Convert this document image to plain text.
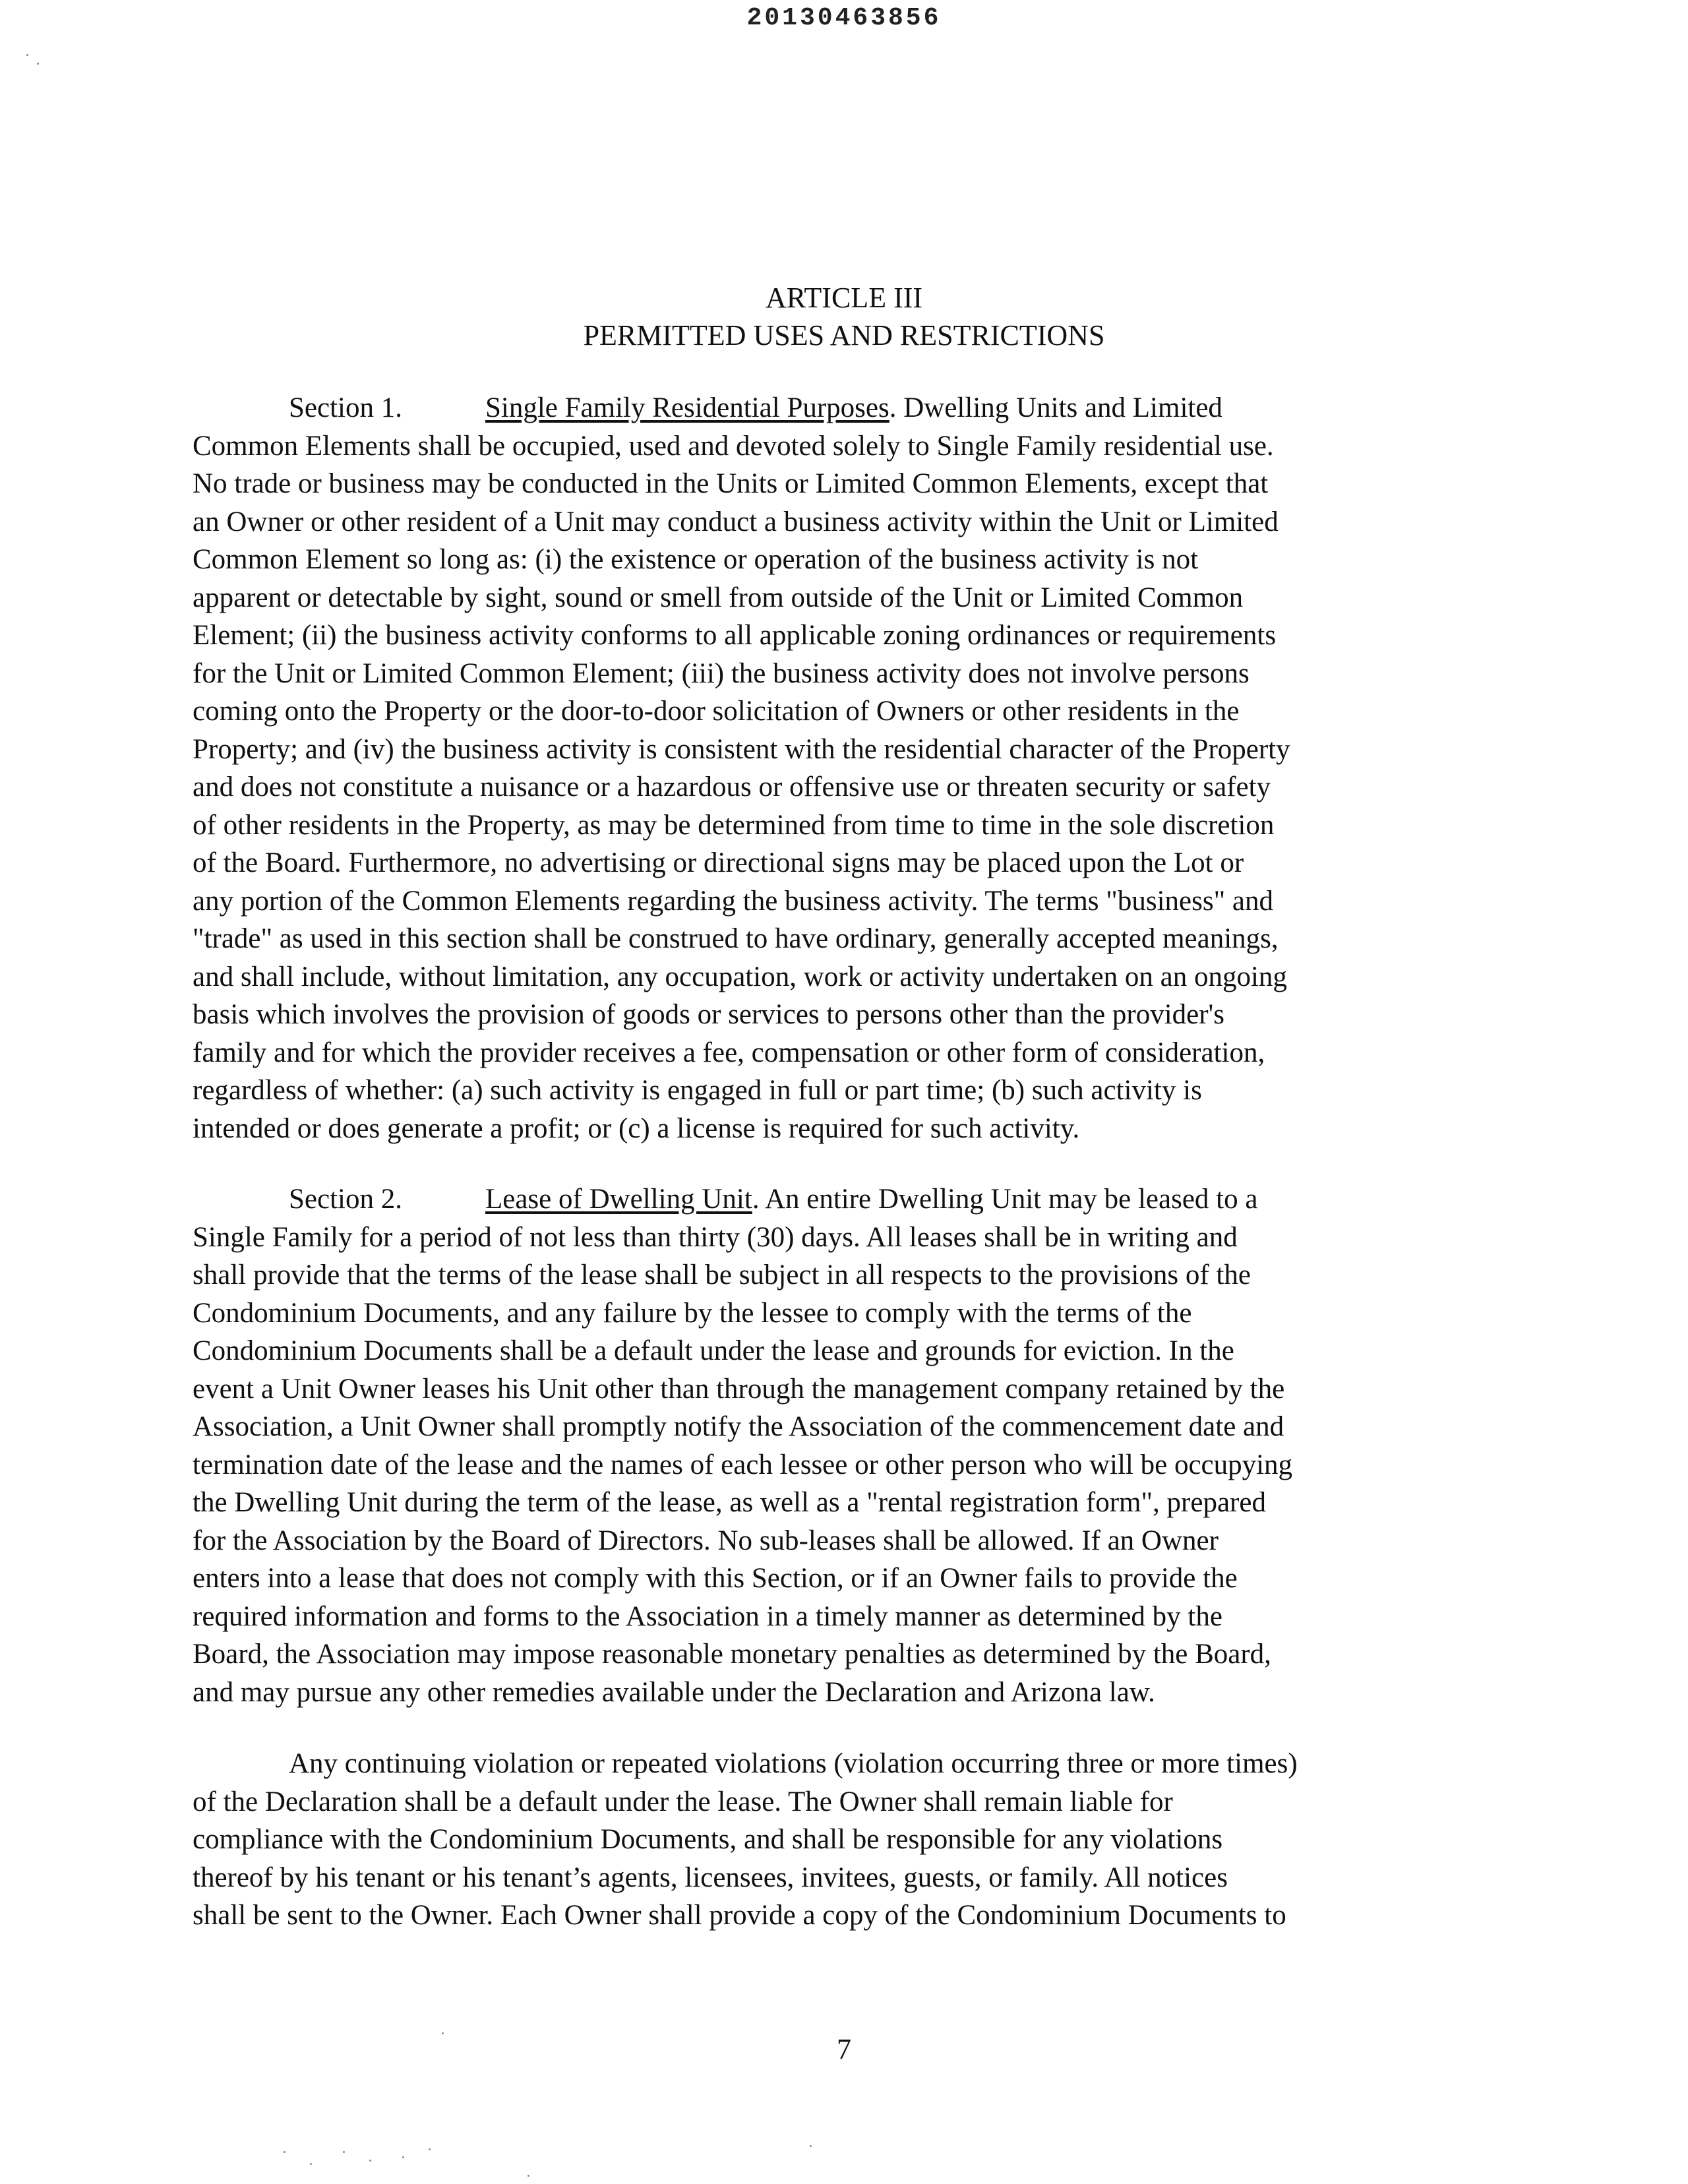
20130463856
ARTICLE III
PERMITTED USES AND RESTRICTIONS
Section 1.	Single Family Residential Purposes. Dwelling Units and Limited
Common Elements shall be occupied, used and devoted solely to Single Family residential use.
No trade or business may be conducted in the Units or Limited Common Elements, except that
an Owner or other resident of a Unit may conduct a business activity within the Unit or Limited
Common Element so long as: (i) the existence or operation of the business activity is not
apparent or detectable by sight, sound or smell from outside of the Unit or Limited Common
Element; (ii) the business activity conforms to all applicable zoning ordinances or requirements
for the Unit or Limited Common Element; (iii) the business activity does not involve persons
coming onto the Property or the door-to-door solicitation of Owners or other residents in the
Property; and (iv) the business activity is consistent with the residential character of the Property
and does not constitute a nuisance or a hazardous or offensive use or threaten security or safety
of other residents in the Property, as may be determined from time to time in the sole discretion
of the Board. Furthermore, no advertising or directional signs may be placed upon the Lot or
any portion of the Common Elements regarding the business activity. The terms "business" and
"trade" as used in this section shall be construed to have ordinary, generally accepted meanings,
and shall include, without limitation, any occupation, work or activity undertaken on an ongoing
basis which involves the provision of goods or services to persons other than the provider's
family and for which the provider receives a fee, compensation or other form of consideration,
regardless of whether: (a) such activity is engaged in full or part time; (b) such activity is
intended or does generate a profit; or (c) a license is required for such activity.
Section 2.	Lease of Dwelling Unit. An entire Dwelling Unit may be leased to a
Single Family for a period of not less than thirty (30) days. All leases shall be in writing and
shall provide that the terms of the lease shall be subject in all respects to the provisions of the
Condominium Documents, and any failure by the lessee to comply with the terms of the
Condominium Documents shall be a default under the lease and grounds for eviction. In the
event a Unit Owner leases his Unit other than through the management company retained by the
Association, a Unit Owner shall promptly notify the Association of the commencement date and
termination date of the lease and the names of each lessee or other person who will be occupying
the Dwelling Unit during the term of the lease, as well as a "rental registration form", prepared
for the Association by the Board of Directors. No sub-leases shall be allowed. If an Owner
enters into a lease that does not comply with this Section, or if an Owner fails to provide the
required information and forms to the Association in a timely manner as determined by the
Board, the Association may impose reasonable monetary penalties as determined by the Board,
and may pursue any other remedies available under the Declaration and Arizona law.
Any continuing violation or repeated violations (violation occurring three or more times)
of the Declaration shall be a default under the lease. The Owner shall remain liable for
compliance with the Condominium Documents, and shall be responsible for any violations
thereof by his tenant or his tenant’s agents, licensees, invitees, guests, or family. All notices
shall be sent to the Owner. Each Owner shall provide a copy of the Condominium Documents to
7
